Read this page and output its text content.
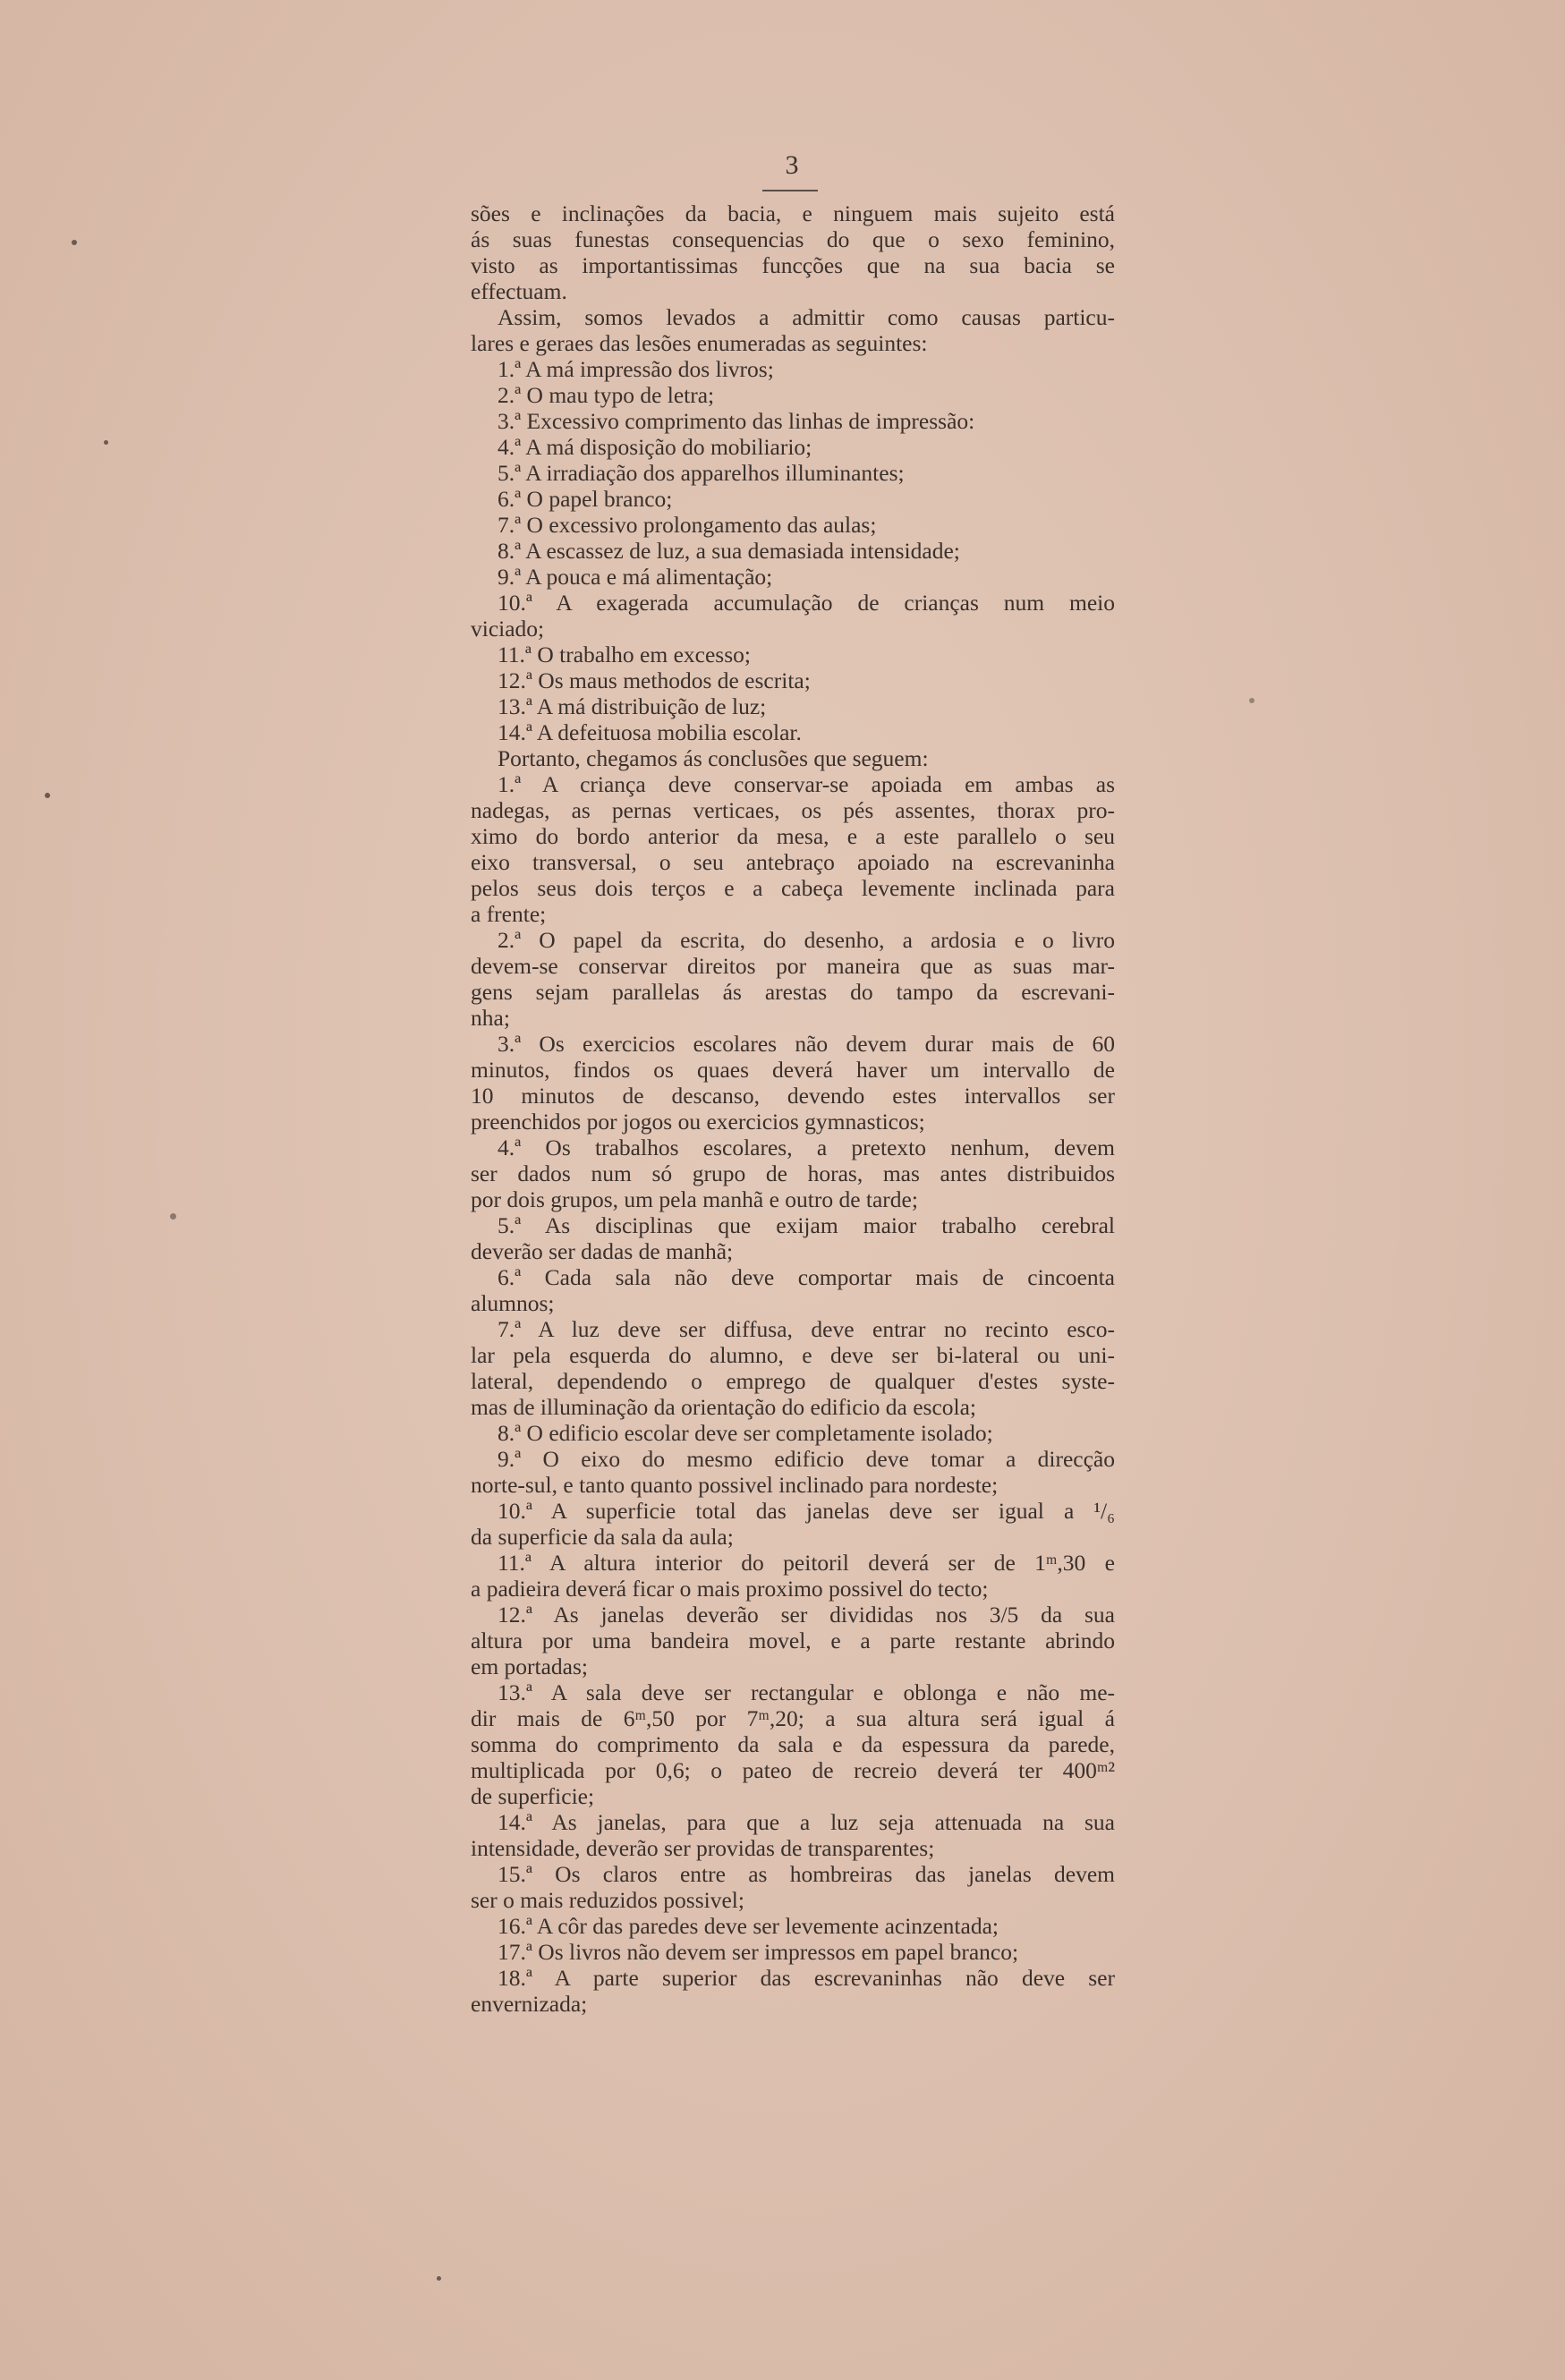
3
sões e inclinações da bacia, e ninguem mais sujeito está
ás suas funestas consequencias do que o sexo feminino,
visto as importantissimas funcções que na sua bacia se
effectuam.
Assim, somos levados a admittir como causas particu-
lares e geraes das lesões enumeradas as seguintes:
1.ª A má impressão dos livros;
2.ª O mau typo de letra;
3.ª Excessivo comprimento das linhas de impressão:
4.ª A má disposição do mobiliario;
5.ª A irradiação dos apparelhos illuminantes;
6.ª O papel branco;
7.ª O excessivo prolongamento das aulas;
8.ª A escassez de luz, a sua demasiada intensidade;
9.ª A pouca e má alimentação;
10.ª A exagerada accumulação de crianças num meio
viciado;
11.ª O trabalho em excesso;
12.ª Os maus methodos de escrita;
13.ª A má distribuição de luz;
14.ª A defeituosa mobilia escolar.
Portanto, chegamos ás conclusões que seguem:
1.ª A criança deve conservar-se apoiada em ambas as
nadegas, as pernas verticaes, os pés assentes, thorax pro-
ximo do bordo anterior da mesa, e a este parallelo o seu
eixo transversal, o seu antebraço apoiado na escrevaninha
pelos seus dois terços e a cabeça levemente inclinada para
a frente;
2.ª O papel da escrita, do desenho, a ardosia e o livro
devem-se conservar direitos por maneira que as suas mar-
gens sejam parallelas ás arestas do tampo da escrevani-
nha;
3.ª Os exercicios escolares não devem durar mais de 60
minutos, findos os quaes deverá haver um intervallo de
10 minutos de descanso, devendo estes intervallos ser
preenchidos por jogos ou exercicios gymnasticos;
4.ª Os trabalhos escolares, a pretexto nenhum, devem
ser dados num só grupo de horas, mas antes distribuidos
por dois grupos, um pela manhã e outro de tarde;
5.ª As disciplinas que exijam maior trabalho cerebral
deverão ser dadas de manhã;
6.ª Cada sala não deve comportar mais de cincoenta
alumnos;
7.ª A luz deve ser diffusa, deve entrar no recinto esco-
lar pela esquerda do alumno, e deve ser bi-lateral ou uni-
lateral, dependendo o emprego de qualquer d'estes syste-
mas de illuminação da orientação do edificio da escola;
8.ª O edificio escolar deve ser completamente isolado;
9.ª O eixo do mesmo edificio deve tomar a direcção
norte-sul, e tanto quanto possivel inclinado para nordeste;
10.ª A superficie total das janelas deve ser igual a ¹/₆
da superficie da sala da aula;
11.ª A altura interior do peitoril deverá ser de 1ᵐ,30 e
a padieira deverá ficar o mais proximo possivel do tecto;
12.ª As janelas deverão ser divididas nos 3/5 da sua
altura por uma bandeira movel, e a parte restante abrindo
em portadas;
13.ª A sala deve ser rectangular e oblonga e não me-
dir mais de 6ᵐ,50 por 7ᵐ,20; a sua altura será igual á
somma do comprimento da sala e da espessura da parede,
multiplicada por 0,6; o pateo de recreio deverá ter 400ᵐ²
de superficie;
14.ª As janelas, para que a luz seja attenuada na sua
intensidade, deverão ser providas de transparentes;
15.ª Os claros entre as hombreiras das janelas devem
ser o mais reduzidos possivel;
16.ª A côr das paredes deve ser levemente acinzentada;
17.ª Os livros não devem ser impressos em papel branco;
18.ª A parte superior das escrevaninhas não deve ser
envernizada;
